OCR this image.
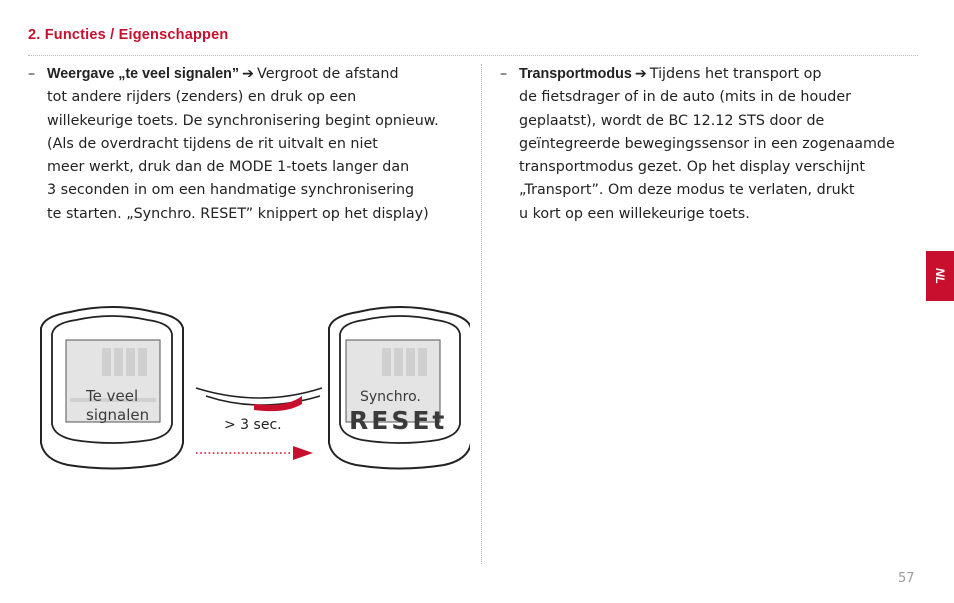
2. Functies / Eigenschappen
– Weergave „te veel signalen” ➔ Vergroot de afstand
tot andere rijders (zenders) en druk op een
willekeurige toets. De synchronisering begint opnieuw.
(Als de overdracht tijdens de rit uitvalt en niet
meer werkt, druk dan de MODE 1-toets langer dan
3 seconden in om een handmatige synchronisering
te starten. „Synchro. RESET” knippert op het display)
– Transportmodus ➔ Tijdens het transport op
de fietsdrager of in de auto (mits in de houder
geplaatst), wordt de BC 12.12 STS door de
geïntegreerde bewegingssensor in een zogenaamde
transportmodus gezet. Op het display verschijnt
„Transport”. Om deze modus te verlaten, drukt
u kort op een willekeurige toets.
Te veel
signalen
Synchro.
RESEt
> 3 sec.
NL
57
